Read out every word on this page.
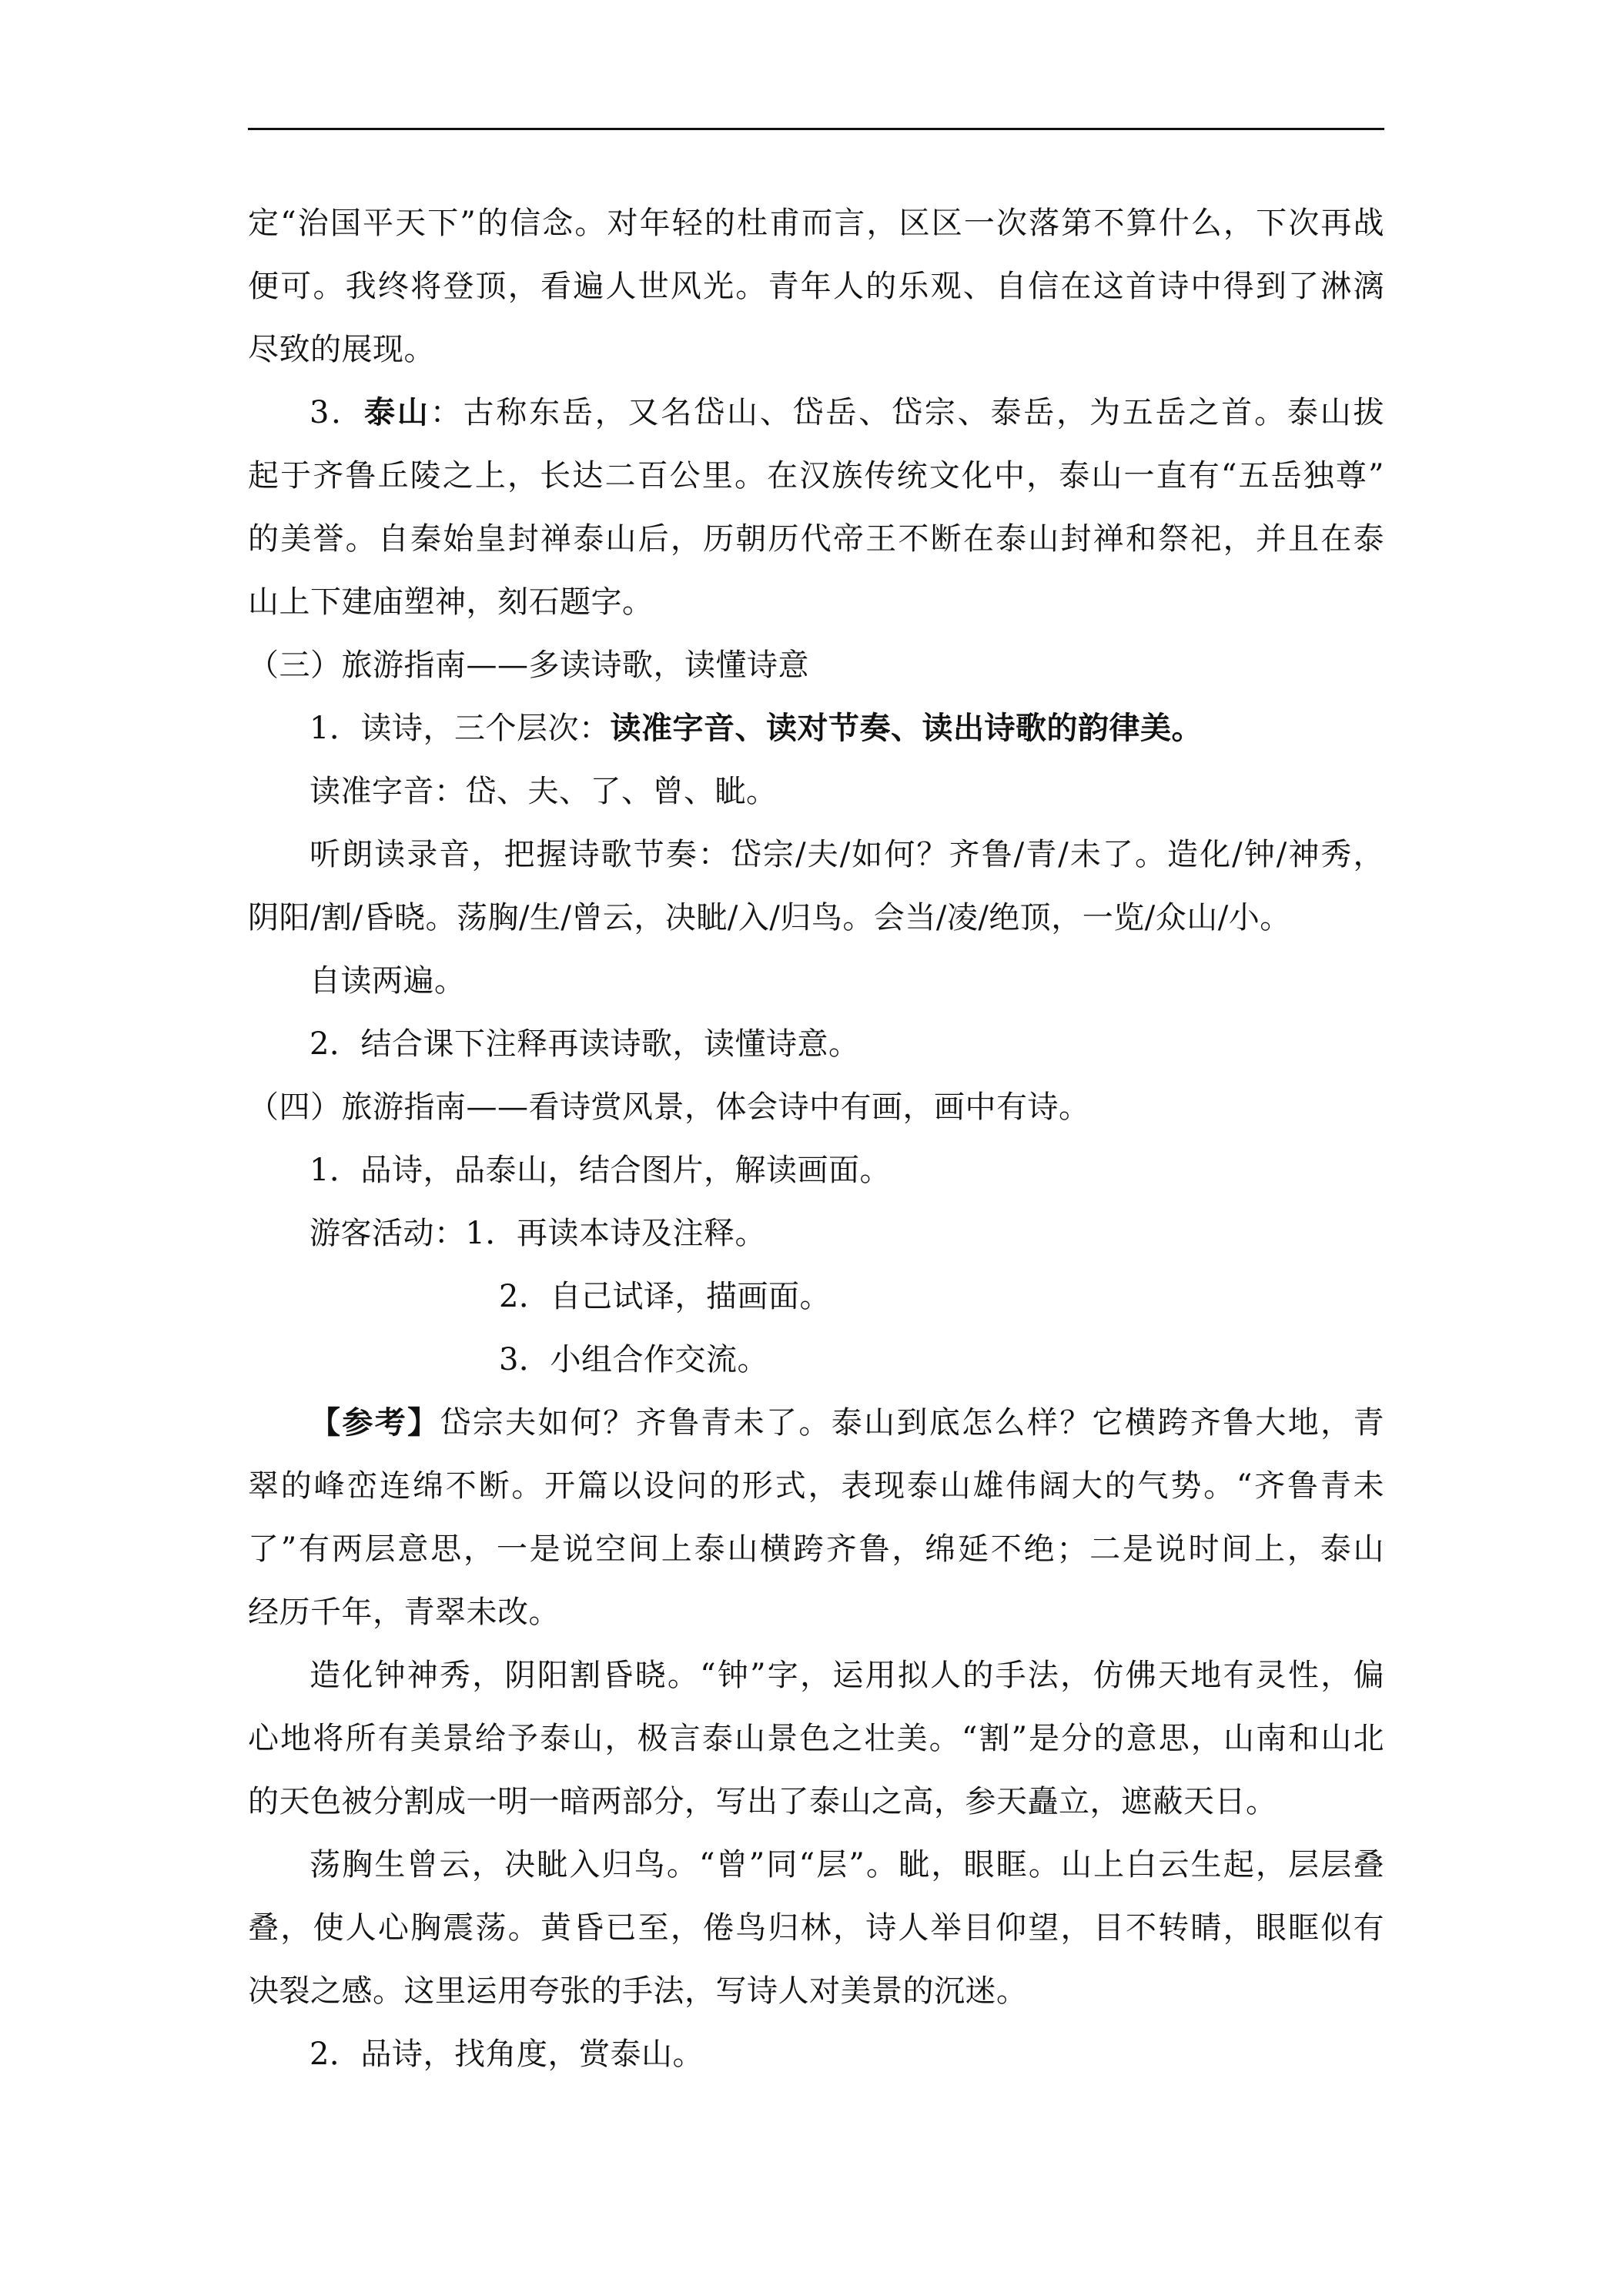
定“治国平天下”的信念。对年轻的杜甫而言，区区一次落第不算什么，下次再战
便可。我终将登顶，看遍人世风光。青年人的乐观、自信在这首诗中得到了淋漓
尽致的展现。
3．泰山：古称东岳，又名岱山、岱岳、岱宗、泰岳，为五岳之首。泰山拔
起于齐鲁丘陵之上，长达二百公里。在汉族传统文化中，泰山一直有“五岳独尊”
的美誉。自秦始皇封禅泰山后，历朝历代帝王不断在泰山封禅和祭祀，并且在泰
山上下建庙塑神，刻石题字。
（三）旅游指南——多读诗歌，读懂诗意
1．读诗，三个层次：读准字音、读对节奏、读出诗歌的韵律美。
读准字音：岱、夫、了、曾、眦。
听朗读录音，把握诗歌节奏：岱宗/夫/如何？齐鲁/青/未了。造化/钟/神秀，
阴阳/割/昏晓。荡胸/生/曾云，决眦/入/归鸟。会当/凌/绝顶，一览/众山/小。
自读两遍。
2．结合课下注释再读诗歌，读懂诗意。
（四）旅游指南——看诗赏风景，体会诗中有画，画中有诗。
1．品诗，品泰山，结合图片，解读画面。
游客活动：1．再读本诗及注释。
2．自己试译，描画面。
3．小组合作交流。
【参考】岱宗夫如何？齐鲁青未了。泰山到底怎么样？它横跨齐鲁大地，青
翠的峰峦连绵不断。开篇以设问的形式，表现泰山雄伟阔大的气势。“齐鲁青未
了”有两层意思，一是说空间上泰山横跨齐鲁，绵延不绝；二是说时间上，泰山
经历千年，青翠未改。
造化钟神秀，阴阳割昏晓。“钟”字，运用拟人的手法，仿佛天地有灵性，偏
心地将所有美景给予泰山，极言泰山景色之壮美。“割”是分的意思，山南和山北
的天色被分割成一明一暗两部分，写出了泰山之高，参天矗立，遮蔽天日。
荡胸生曾云，决眦入归鸟。“曾”同“层”。眦，眼眶。山上白云生起，层层叠
叠，使人心胸震荡。黄昏已至，倦鸟归林，诗人举目仰望，目不转睛，眼眶似有
决裂之感。这里运用夸张的手法，写诗人对美景的沉迷。
2．品诗，找角度，赏泰山。
